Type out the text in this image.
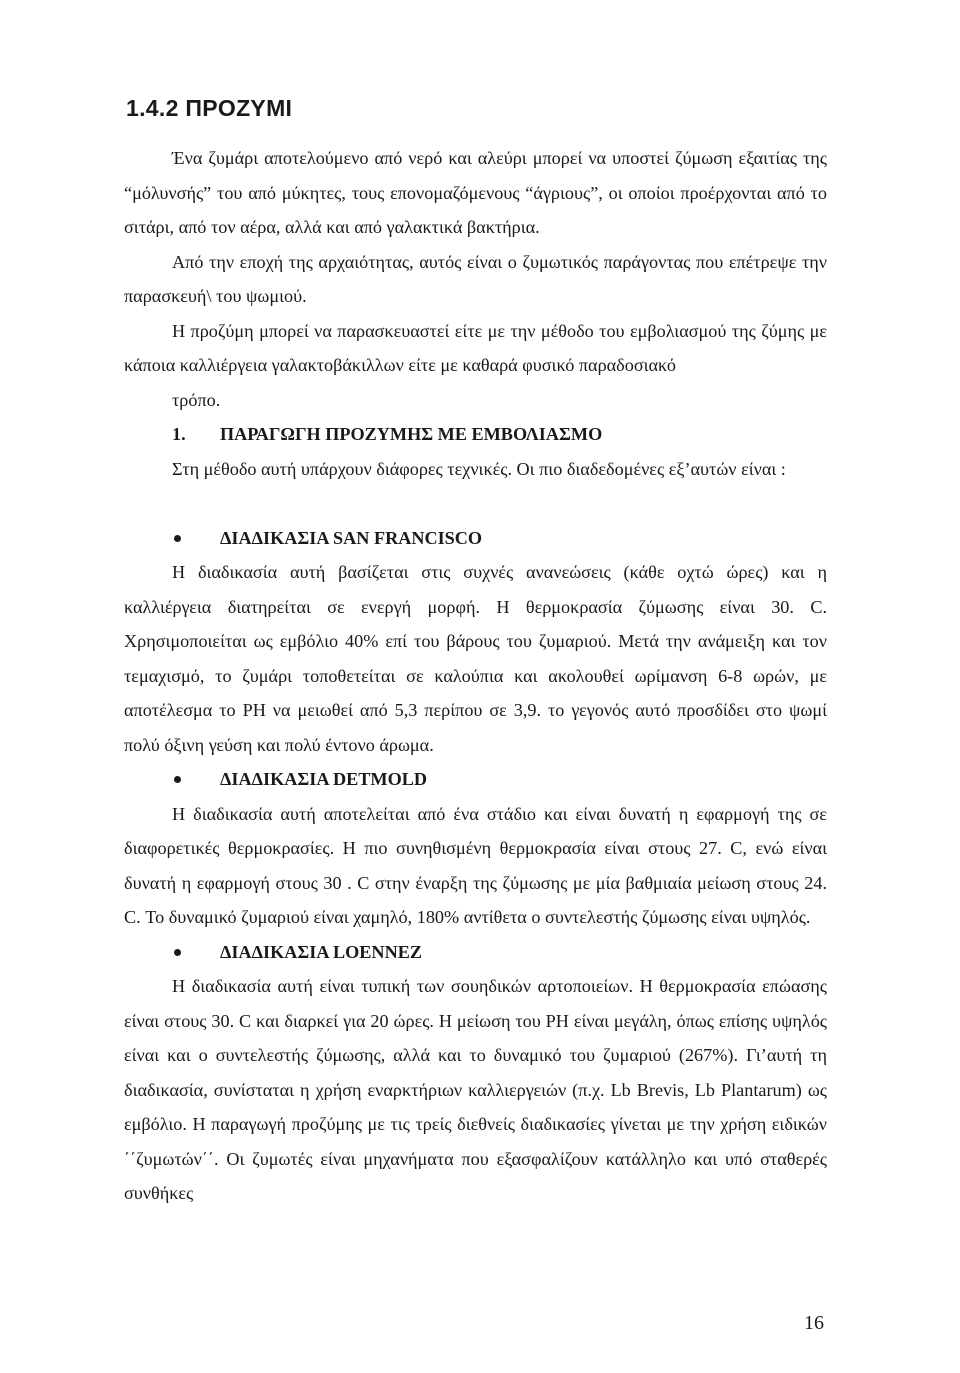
1.4.2 ΠΡΟΖΥΜΙ

Ένα ζυμάρι αποτελούμενο από νερό και αλεύρι μπορεί να υποστεί ζύμωση εξαιτίας της “μόλυνσής” του από μύκητες, τους επονομαζόμενους “άγριους”, οι οποίοι προέρχονται από το σιτάρι, από τον αέρα, αλλά και από γαλακτικά βακτήρια.

Από την εποχή της αρχαιότητας, αυτός είναι ο ζυμωτικός παράγοντας που επέτρεψε την παρασκευή\ του ψωμιού.

Η προζύμη μπορεί να παρασκευαστεί είτε με την μέθοδο του εμβολιασμού της ζύμης με κάποια καλλιέργεια γαλακτοβάκιλλων είτε με καθαρά φυσικό παραδοσιακό

τρόπο.

1. ΠΑΡΑΓΩΓΗ ΠΡΟΖΥΜΗΣ ΜΕ ΕΜΒΟΛΙΑΣΜΟ

Στη μέθοδο αυτή υπάρχουν διάφορες τεχνικές. Οι πιο διαδεδομένες εξ’αυτών είναι :

ΔΙΑΔΙΚΑΣΙΑ SAN FRANCISCO

Η διαδικασία αυτή βασίζεται στις συχνές ανανεώσεις (κάθε οχτώ ώρες) και η καλλιέργεια διατηρείται σε ενεργή μορφή. Η θερμοκρασία ζύμωσης είναι 30. C. Χρησιμοποιείται ως εμβόλιο 40% επί του βάρους του ζυμαριού. Μετά την ανάμειξη και τον τεμαχισμό, το ζυμάρι τοποθετείται σε καλούπια και ακολουθεί ωρίμανση 6-8 ωρών, με αποτέλεσμα το PH να μειωθεί από 5,3 περίπου σε 3,9. το γεγονός αυτό προσδίδει στο ψωμί πολύ όξινη γεύση και πολύ έντονο άρωμα.

ΔΙΑΔΙΚΑΣΙΑ DETMOLD

Η διαδικασία αυτή αποτελείται από ένα στάδιο και είναι δυνατή η εφαρμογή της σε διαφορετικές θερμοκρασίες. Η πιο συνηθισμένη θερμοκρασία είναι στους 27. C, ενώ είναι δυνατή η εφαρμογή στους 30 . C στην έναρξη της ζύμωσης με μία βαθμιαία μείωση στους 24. C. Το δυναμικό ζυμαριού είναι χαμηλό, 180% αντίθετα ο συντελεστής ζύμωσης είναι υψηλός.

ΔΙΑΔΙΚΑΣΙΑ LOENNEZ

Η διαδικασία αυτή είναι τυπική των σουηδικών αρτοποιείων. Η θερμοκρασία επώασης είναι στους 30. C και διαρκεί για 20 ώρες. Η μείωση του PH είναι μεγάλη, όπως επίσης υψηλός είναι και ο συντελεστής ζύμωσης, αλλά και το δυναμικό του ζυμαριού (267%). Γι’αυτή τη διαδικασία, συνίσταται η χρήση εναρκτήριων καλλιεργειών (π.χ. Lb Brevis, Lb Plantarum) ως εμβόλιο. Η παραγωγή προζύμης με τις τρείς διεθνείς διαδικασίες γίνεται με την χρήση ειδικών ΄΄ζυμωτών΄΄. Οι ζυμωτές είναι μηχανήματα που εξασφαλίζουν κατάλληλο και υπό σταθερές συνθήκες

16
